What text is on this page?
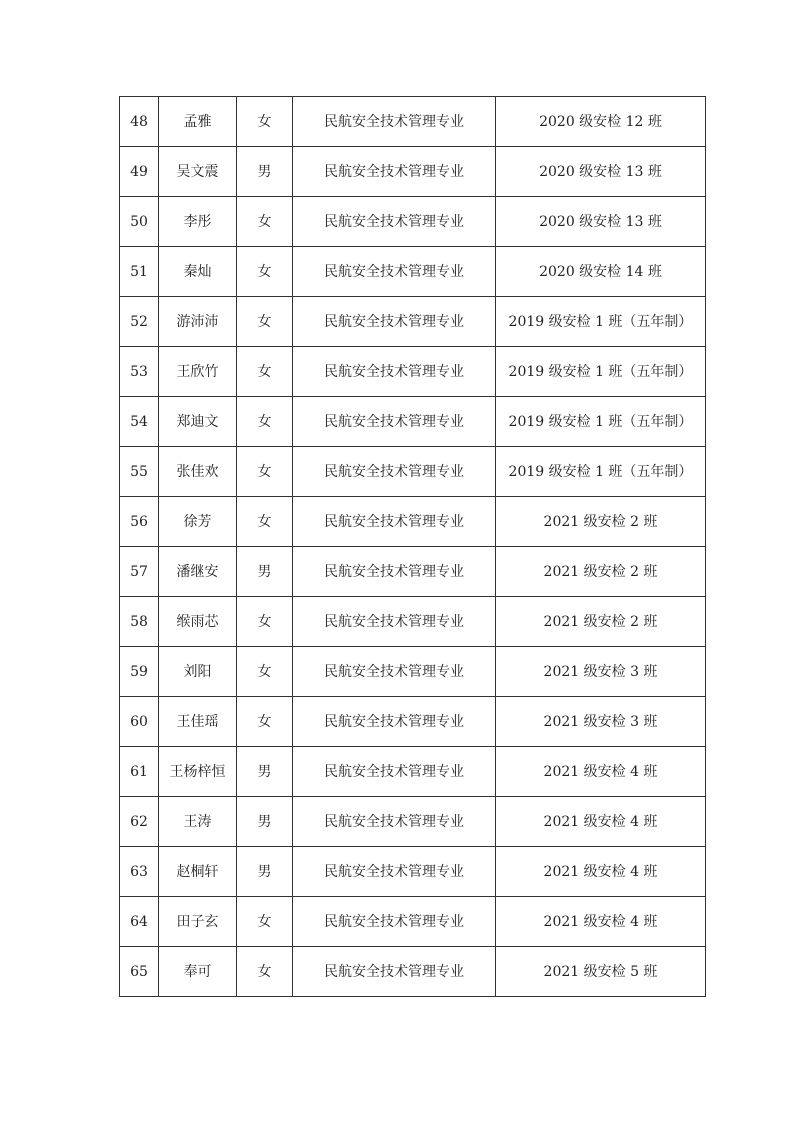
48	孟雅	女	民航安全技术管理专业	2020 级安检 12 班
49	吴文震	男	民航安全技术管理专业	2020 级安检 13 班
50	李彤	女	民航安全技术管理专业	2020 级安检 13 班
51	秦灿	女	民航安全技术管理专业	2020 级安检 14 班
52	游沛沛	女	民航安全技术管理专业	2019 级安检 1 班（五年制）
53	王欣竹	女	民航安全技术管理专业	2019 级安检 1 班（五年制）
54	郑迪文	女	民航安全技术管理专业	2019 级安检 1 班（五年制）
55	张佳欢	女	民航安全技术管理专业	2019 级安检 1 班（五年制）
56	徐芳	女	民航安全技术管理专业	2021 级安检 2 班
57	潘继安	男	民航安全技术管理专业	2021 级安检 2 班
58	缑雨芯	女	民航安全技术管理专业	2021 级安检 2 班
59	刘阳	女	民航安全技术管理专业	2021 级安检 3 班
60	王佳瑶	女	民航安全技术管理专业	2021 级安检 3 班
61	王杨梓恒	男	民航安全技术管理专业	2021 级安检 4 班
62	王涛	男	民航安全技术管理专业	2021 级安检 4 班
63	赵桐轩	男	民航安全技术管理专业	2021 级安检 4 班
64	田子玄	女	民航安全技术管理专业	2021 级安检 4 班
65	奉可	女	民航安全技术管理专业	2021 级安检 5 班
